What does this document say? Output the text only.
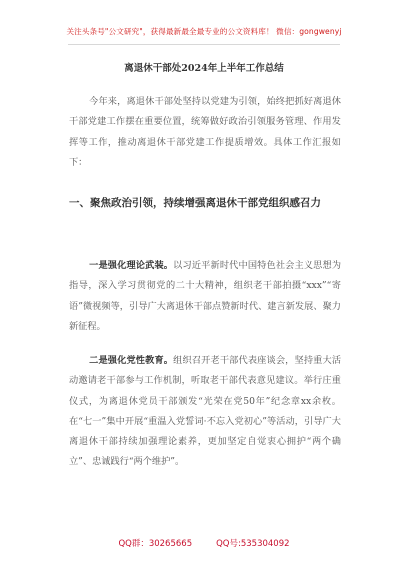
关注头条号"公文研究"，获得最新最全最专业的公文资料库！ 微信：gongwenyj
离退休干部处2024年上半年工作总结

今年来，离退休干部处坚持以党建为引领，始终把抓好离退休干部党建工作摆在重要位置，统筹做好政治引领服务管理、作用发挥等工作，推动离退休干部党建工作提质增效。具体工作汇报如下：

一、聚焦政治引领，持续增强离退休干部党组织感召力

一是强化理论武装。以习近平新时代中国特色社会主义思想为指导，深入学习贯彻党的二十大精神，组织老干部拍摄“xxx”“寄语”微视频等，引导广大离退休干部点赞新时代、建言新发展、聚力新征程。

二是强化党性教育。组织召开老干部代表座谈会，坚持重大活动邀请老干部参与工作机制，听取老干部代表意见建议。举行庄重仪式，为离退休党员干部颁发“光荣在党50年”纪念章xx余枚。在“七一”集中开展“重温入党誓词·不忘入党初心”等活动，引导广大离退休干部持续加强理论素养，更加坚定自觉衷心拥护“两个确立”、忠诚践行“两个维护”。

QQ群：30265665	QQ号:535304092
